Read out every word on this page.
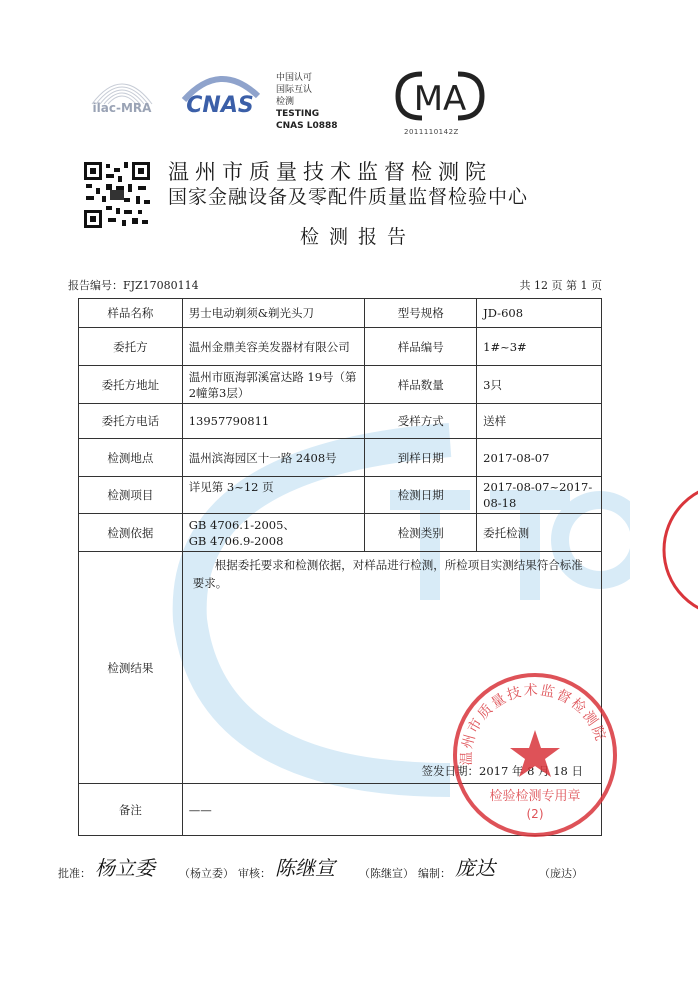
ilac-MRA CNAS
中国认可
国际互认
检测
TESTING
CNAS L0888
MA
2011110142Z
温州市质量技术监督检测院
国家金融设备及零配件质量监督检验中心
检测报告
报告编号：FJZ17080114	共 12 页 第 1 页
样品名称	男士电动剃须&剃光头刀	型号规格	JD-608
委托方	温州金鼎美容美发器材有限公司	样品编号	1#~3#
委托方地址	温州市瓯海郭溪富达路 19号（第2幢第3层）	样品数量	3只
委托方电话	13957790811	受样方式	送样
检测地点	温州滨海园区十一路 2408号	到样日期	2017-08-07
检测项目	详见第 3~12 页	检测日期	2017-08-07~2017-08-18
检测依据	GB 4706.1-2005、
GB 4706.9-2008	检测类别	委托检测
检测结果	根据委托要求和检测依据，对样品进行检测，所检项目实测结果符合标准要求。
签发日期：2017 年 8 月 18 日		

备注	——		
温州市质量技术监督检测院
检验检测专用章
(2)
批准： 杨立委	（杨立委） 审核： 陈继宣	（陈继宣） 编制： 庞达	（庞达）
